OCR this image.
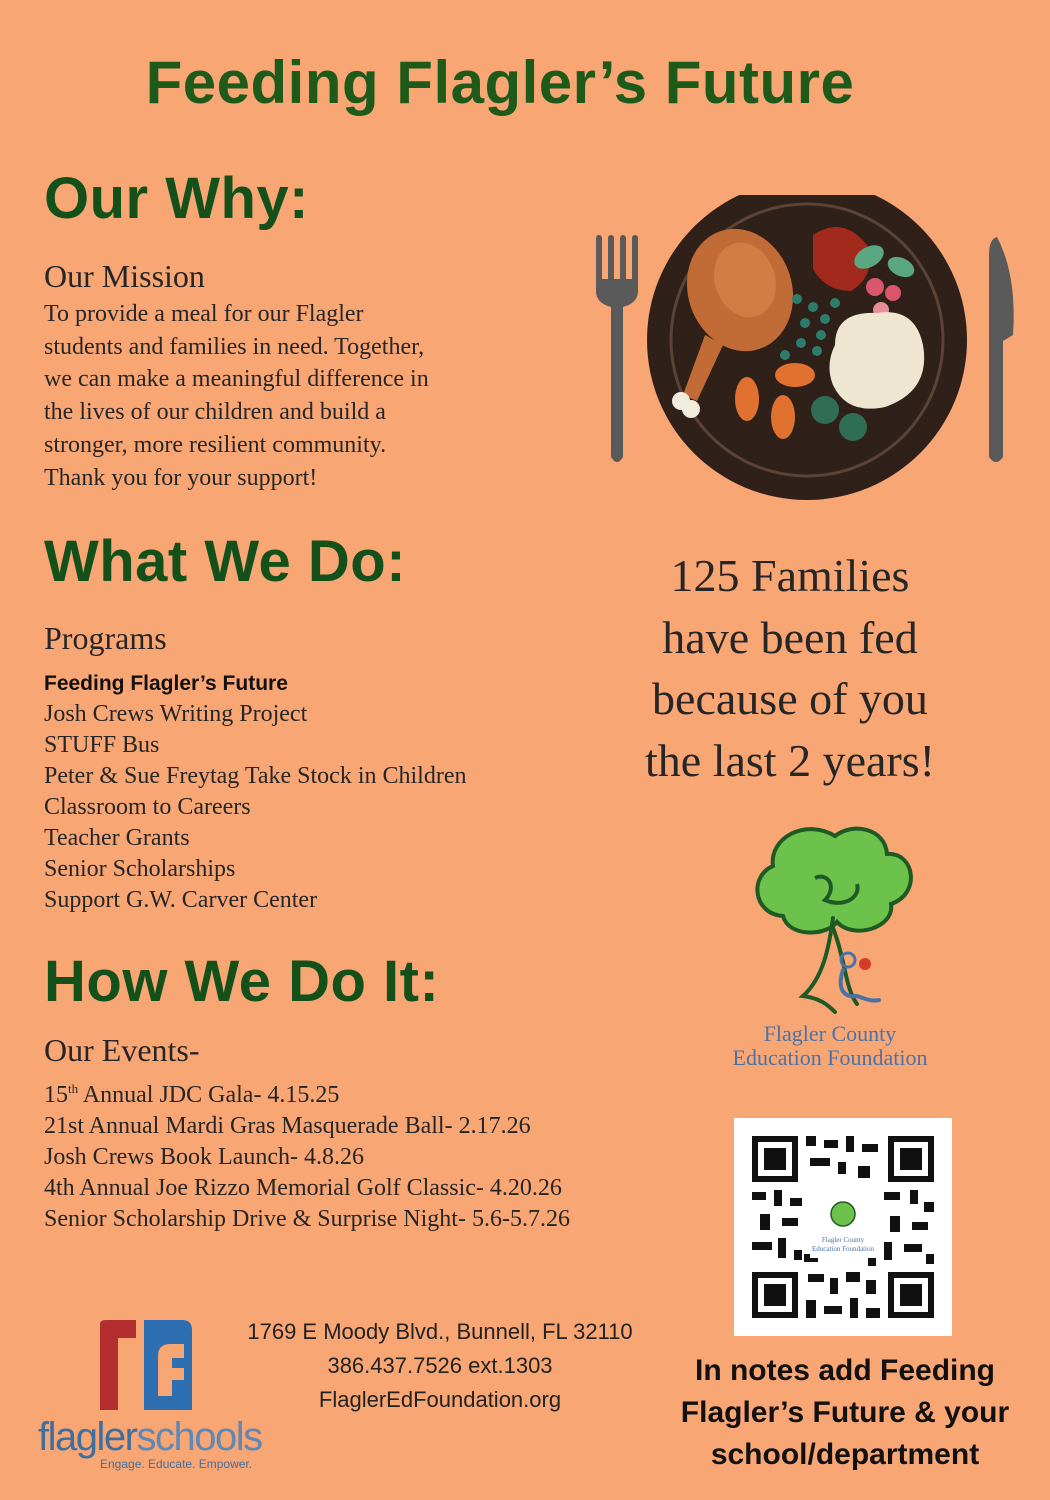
Feeding Flagler’s Future
Our Why:
Our Mission
To provide a meal for our Flagler
students and families in need. Together,
we can make a meaningful difference in
the lives of our children and build a
stronger, more resilient community.
Thank you for your support!
What We Do:
Programs
Feeding Flagler’s Future
Josh Crews Writing Project
STUFF Bus
Peter & Sue Freytag Take Stock in Children
Classroom to Careers
Teacher Grants
Senior Scholarships
Support G.W. Carver Center
125 Families
have been fed
because of you
the last 2 years!
Flagler County
Education Foundation
How We Do It:
Our Events-
15th Annual JDC Gala- 4.15.25
21st Annual Mardi Gras Masquerade Ball- 2.17.26
Josh Crews Book Launch- 4.8.26
4th Annual Joe Rizzo Memorial Golf Classic- 4.20.26
Senior Scholarship Drive & Surprise Night- 5.6-5.7.26
Flagler County
Education Foundation
flaglerschools
Engage. Educate. Empower.
1769 E Moody Blvd., Bunnell, FL 32110
386.437.7526 ext.1303
FlaglerEdFoundation.org
In notes add Feeding
Flagler’s Future & your
school/department
